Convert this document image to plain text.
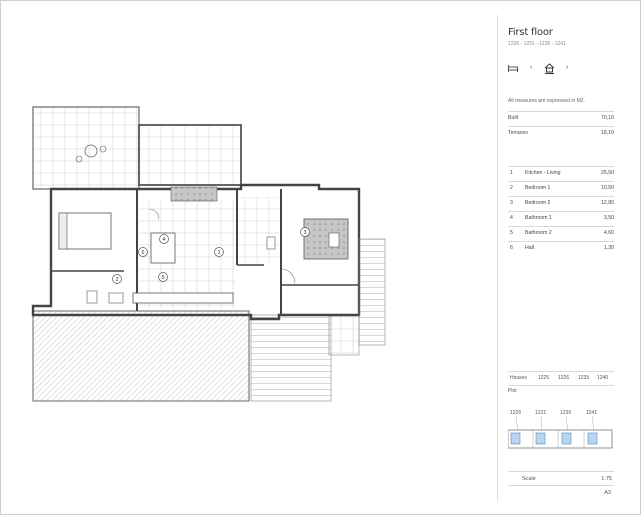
1
2
3
4
5
6
First floor
1226 - 1231 - 1236 - 1241
‹	›
All measures are expressed in M2.
Built	70,10
Terraces	18,10
1 Kitchen - Living	25,50
2 Bedroom 1	10,50
3 Bedroom 2	12,80
4 Bathroom 1	3,50
5 Bathroom 2	4,60
6 Hall	1,30
Houses 1225 1226 1235 1240
Plot
1226	1231	1236	1241
Scale	1:75
A3
